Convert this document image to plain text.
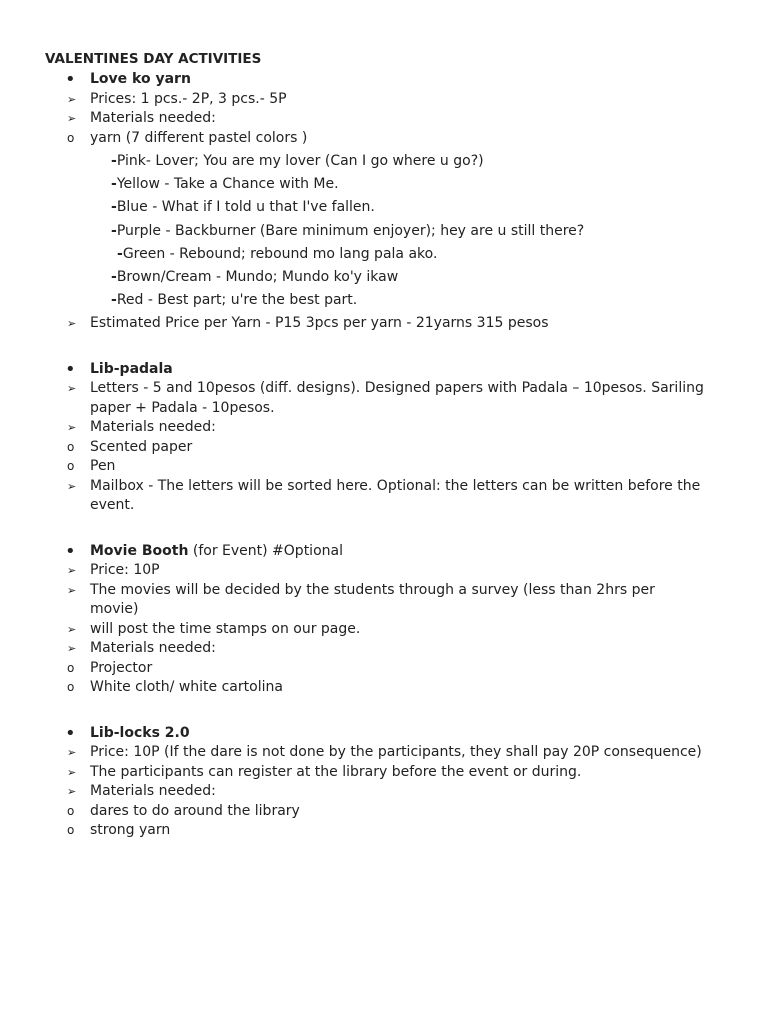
VALENTINES DAY ACTIVITIES
•	Love ko yarn
➢ Prices: 1 pcs.- 2P, 3 pcs.- 5P
➢ Materials needed:
o	yarn (7 different pastel colors )
-Pink- Lover; You are my lover (Can I go where u go?)
-Yellow - Take a Chance with Me.
-Blue - What if I told u that I've fallen.
-Purple - Backburner (Bare minimum enjoyer); hey are u still there?
-Green - Rebound; rebound mo lang pala ako.
-Brown/Cream - Mundo; Mundo ko'y ikaw
-Red - Best part; u're the best part.
➢ Estimated Price per Yarn - P15 3pcs per yarn - 21yarns 315 pesos
•	Lib-padala
➢ Letters - 5 and 10pesos (diff. designs). Designed papers with Padala – 10pesos. Sariling paper + Padala - 10pesos.
➢ Materials needed:
o	Scented paper
o	Pen
➢ Mailbox - The letters will be sorted here. Optional: the letters can be written before the event.
•	Movie Booth (for Event) #Optional
➢ Price: 10P
➢ The movies will be decided by the students through a survey (less than 2hrs per movie)
➢ will post the time stamps on our page.
➢ Materials needed:
o	Projector
o	White cloth/ white cartolina
•	Lib-locks 2.0
➢ Price: 10P (If the dare is not done by the participants, they shall pay 20P consequence)
➢ The participants can register at the library before the event or during.
➢ Materials needed:
o	dares to do around the library
o	strong yarn
